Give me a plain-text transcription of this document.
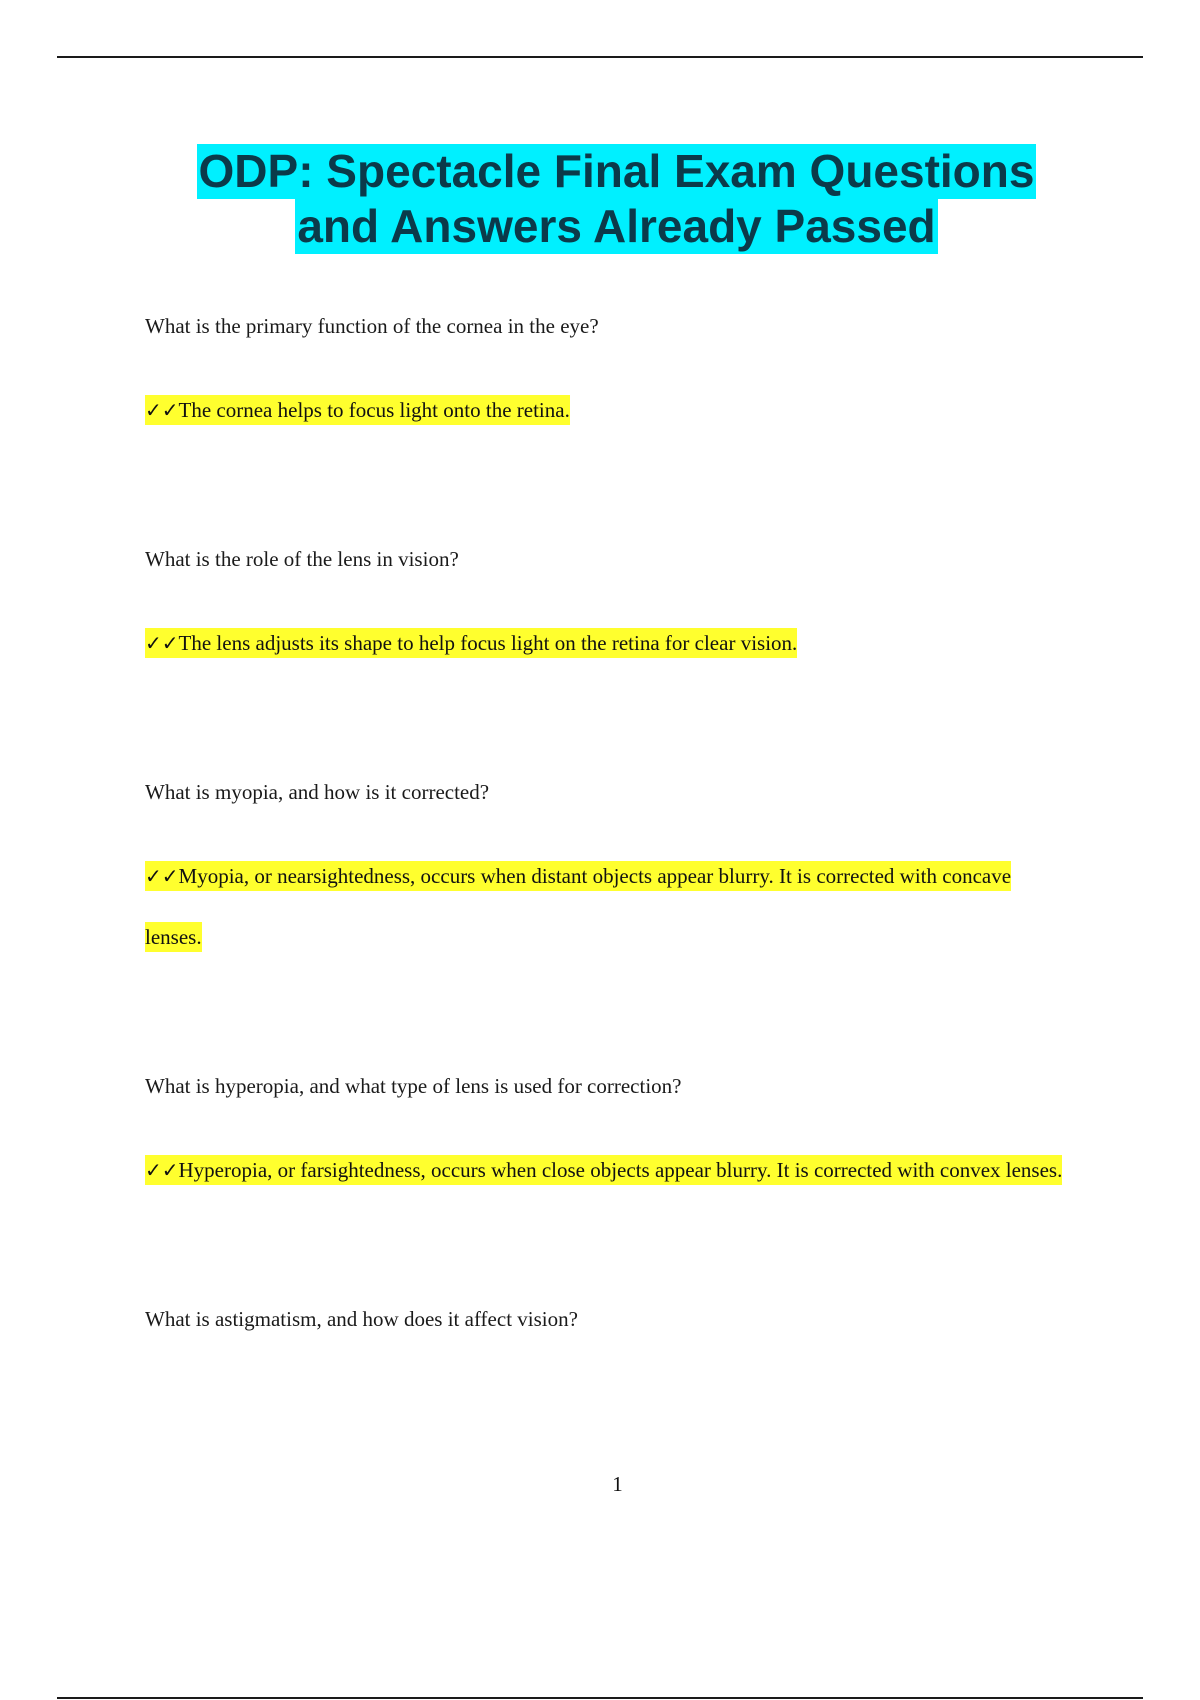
ODP: Spectacle Final Exam Questions
and Answers Already Passed

What is the primary function of the cornea in the eye?

✓✓The cornea helps to focus light onto the retina.

What is the role of the lens in vision?

✓✓The lens adjusts its shape to help focus light on the retina for clear vision.

What is myopia, and how is it corrected?

✓✓Myopia, or nearsightedness, occurs when distant objects appear blurry. It is corrected with concave lenses.

What is hyperopia, and what type of lens is used for correction?

✓✓Hyperopia, or farsightedness, occurs when close objects appear blurry. It is corrected with convex lenses.

What is astigmatism, and how does it affect vision?

1
